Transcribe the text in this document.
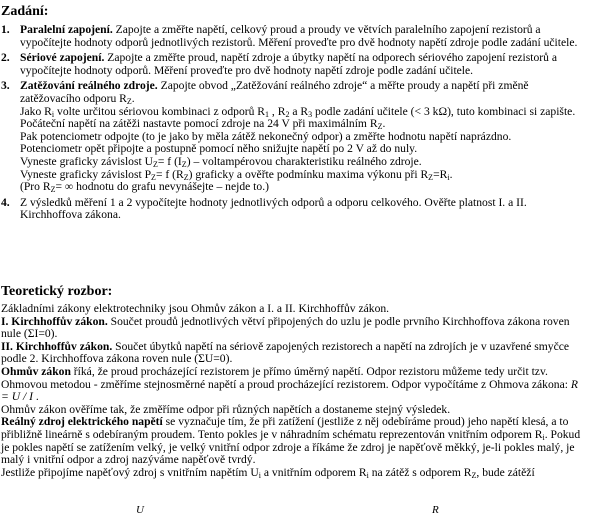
Zadání:
1. Paralelní zapojení. Zapojte a změřte napětí, celkový proud a proudy ve větvích paralelního zapojení rezistorů a vypočítejte hodnoty odporů jednotlivých rezistorů. Měření proveďte pro dvě hodnoty napětí zdroje podle zadání učitele.
2. Sériové zapojení. Zapojte a změřte proud, napětí zdroje a úbytky napětí na odporech sériového zapojení rezistorů a vypočítejte hodnoty odporů. Měření proveďte pro dvě hodnoty napětí zdroje podle zadání učitele.
3. Zatěžování reálného zdroje. Zapojte obvod „Zatěžování reálného zdroje“ a měřte proudy a napětí při změně zatěžovacího odporu $R_Z$.
Jako $R_i$ volte určitou sériovou kombinaci z odporů $R_1$ , $R_2$ a $R_3$ podle zadání učitele (< 3 kΩ), tuto kombinaci si zapište.
Počáteční napětí na zátěži nastavte pomocí zdroje na 24 V při maximálním $R_Z$.
Pak potenciometr odpojte (to je jako by měla zátěž nekonečný odpor) a změřte hodnotu napětí naprázdno.
Potenciometr opět připojte a postupně pomocí něho snižujte napětí po 2 V až do nuly.
Vyneste graficky závislost $U_Z= f$ $(I_Z)$ – voltampérovou charakteristiku reálného zdroje.
Vyneste graficky závislost $P_Z= f$ $(R_Z)$ graficky a ověřte podmínku maxima výkonu při $R_Z=R_i$.
(Pro $R_Z=$ ∞ hodnotu do grafu nevynášejte – nejde to.)
4. Z výsledků měření 1 a 2 vypočítejte hodnoty jednotlivých odporů a odporu celkového. Ověřte platnost I. a II. Kirchhoffova zákona.
Teoretický rozbor:

Základními zákony elektrotechniky jsou Ohmův zákon a I. a II. Kirchhoffův zákon.

I. Kirchhoffův zákon. Součet proudů jednotlivých větví připojených do uzlu je podle prvního Kirchhoffova zákona roven nule (ΣI=0).

II. Kirchhoffův zákon. Součet úbytků napětí na sériově zapojených rezistorech a napětí na zdrojích je v uzavřené smyčce podle 2. Kirchhoffova zákona roven nule (ΣU=0).

Ohmův zákon říká, že proud procházející rezistorem je přímo úměrný napětí. Odpor rezistoru můžeme tedy určit tzv. Ohmovou metodou - změříme stejnosměrné napětí a proud procházející rezistorem. Odpor vypočítáme z Ohmova zákona: R = U / I .

Ohmův zákon ověříme tak, že změříme odpor při různých napětích a dostaneme stejný výsledek.

Reálný zdroj elektrického napětí se vyznačuje tím, že při zatížení (jestliže z něj odebíráme proud) jeho napětí klesá, a to přibližně lineárně s odebíraným proudem. Tento pokles je v náhradním schématu reprezentován vnitřním odporem $R_i$. Pokud je pokles napětí se zatížením velký, je velký vnitřní odpor zdroje a říkáme že zdroj je napěťově měkký, je-li pokles malý, je malý i vnitřní odpor a zdroj nazýváme napěťově tvrdý.

Jestliže připojíme napěťový zdroj s vnitřním napětím $U_i$ a vnitřním odporem $R_i$ na zátěž s odporem $R_Z$, bude zátěží

U	R
